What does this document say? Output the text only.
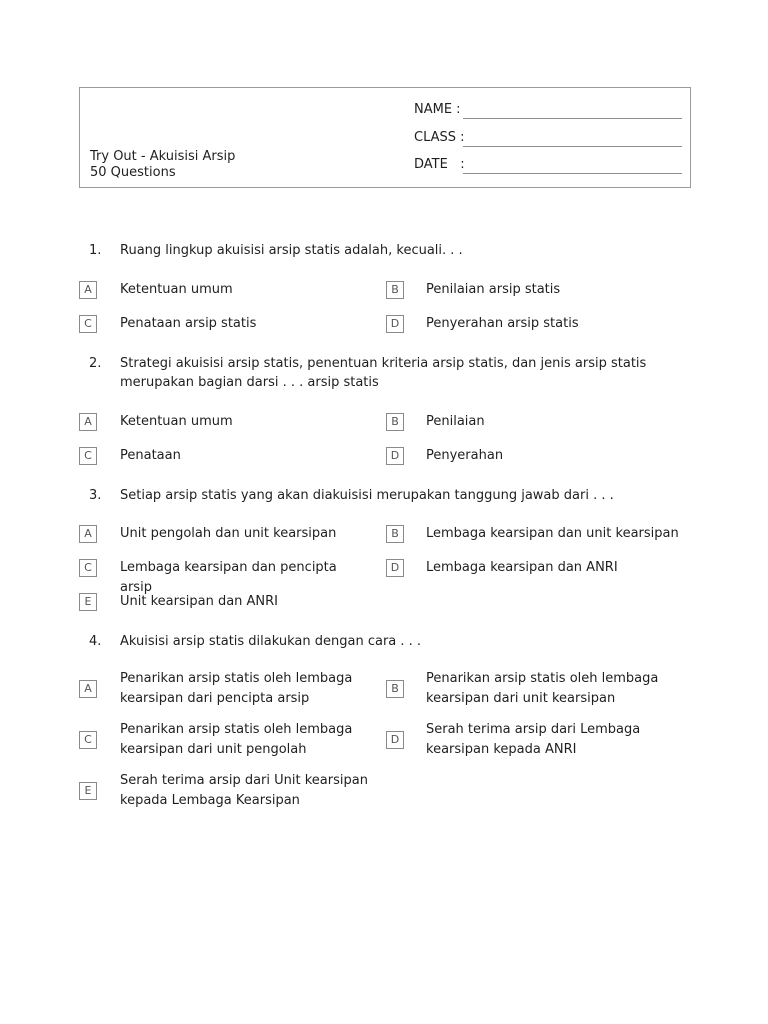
Try Out - Akuisisi Arsip
50 Questions
NAME :
CLASS :
DATE   :
1. Ruang lingkup akuisisi arsip statis adalah, kecuali. . .
A	Ketentuan umum	B	Penilaian arsip statis
C	Penataan arsip statis	D	Penyerahan arsip statis
2. Strategi akuisisi arsip statis, penentuan kriteria arsip statis, dan jenis arsip statis merupakan bagian darsi . . . arsip statis
A	Ketentuan umum	B	Penilaian
C	Penataan	D	Penyerahan
3. Setiap arsip statis yang akan diakuisisi merupakan tanggung jawab dari . . .
A	Unit pengolah dan unit kearsipan	B	Lembaga kearsipan dan unit kearsipan
C	Lembaga kearsipan dan pencipta arsip
D	Lembaga kearsipan dan ANRI
E	Unit kearsipan dan ANRI
4. Akuisisi arsip statis dilakukan dengan cara . . .
A
Penarikan arsip statis oleh lembaga kearsipan dari pencipta arsip
B
Penarikan arsip statis oleh lembaga kearsipan dari unit kearsipan
C
Penarikan arsip statis oleh lembaga kearsipan dari unit pengolah
D
Serah terima arsip dari Lembaga kearsipan kepada ANRI
E
Serah terima arsip dari Unit kearsipan kepada Lembaga Kearsipan
